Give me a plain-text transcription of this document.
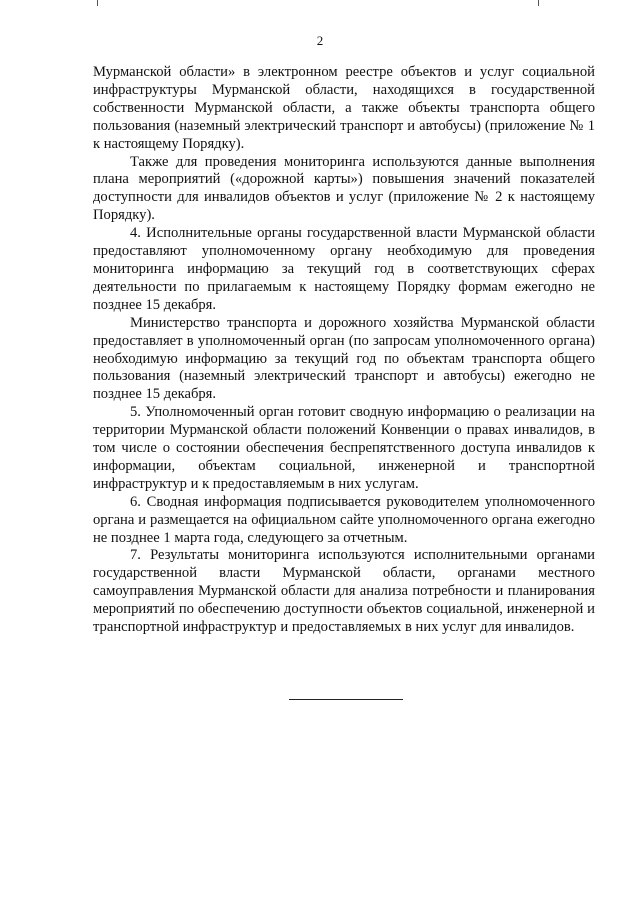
2

Мурманской области» в электронном реестре объектов и услуг социальной инфраструктуры Мурманской области, находящихся в государственной собственности Мурманской области, а также объекты транспорта общего пользования (наземный электрический транспорт и автобусы) (приложение № 1 к настоящему Порядку).

Также для проведения мониторинга используются данные выполнения плана мероприятий («дорожной карты») повышения значений показателей доступности для инвалидов объектов и услуг (приложение № 2 к настоящему Порядку).

4. Исполнительные органы государственной власти Мурманской области предоставляют уполномоченному органу необходимую для проведения мониторинга информацию за текущий год в соответствующих сферах деятельности по прилагаемым к настоящему Порядку формам ежегодно не позднее 15 декабря.

Министерство транспорта и дорожного хозяйства Мурманской области предоставляет в уполномоченный орган (по запросам уполномоченного органа) необходимую информацию за текущий год по объектам транспорта общего пользования (наземный электрический транспорт и автобусы) ежегодно не позднее 15 декабря.

5. Уполномоченный орган готовит сводную информацию о реализации на территории Мурманской области положений Конвенции о правах инвалидов, в том числе о состоянии обеспечения беспрепятственного доступа инвалидов к информации, объектам социальной, инженерной и транспортной инфраструктур и к предоставляемым в них услугам.

6. Сводная информация подписывается руководителем уполномоченного органа и размещается на официальном сайте уполномоченного органа ежегодно не позднее 1 марта года, следующего за отчетным.

7. Результаты мониторинга используются исполнительными органами государственной власти Мурманской области, органами местного самоуправления Мурманской области для анализа потребности и планирования мероприятий по обеспечению доступности объектов социальной, инженерной и транспортной инфраструктур и предоставляемых в них услуг для инвалидов.
